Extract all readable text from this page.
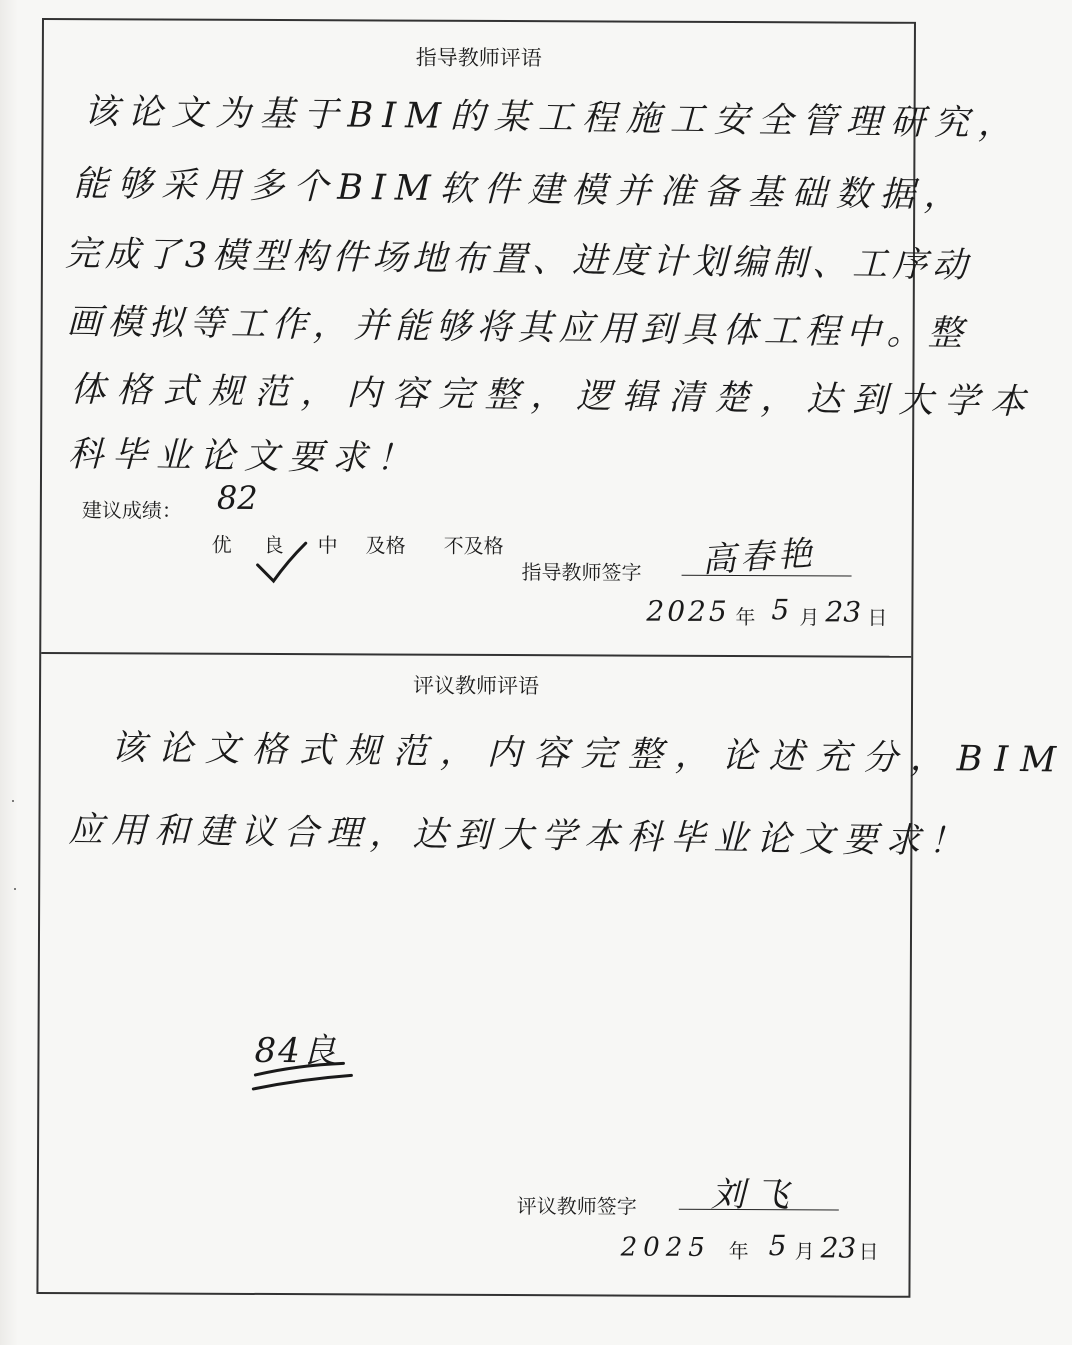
指导教师评语
该论文为基于BIM的某工程施工安全管理研究，
能够采用多个BIM软件建模并准备基础数据，
完成了3模型构件场地布置、进度计划编制、工序动
画模拟等工作，并能够将其应用到具体工程中。整
体格式规范，内容完整，逻辑清楚，达到大学本
科毕业论文要求！
建议成绩： 82
优 良 中 及格 不及格
指导教师签字 高春艳
2025 年 5 月 23 日
评议教师评语
该论文格式规范，内容完整，论述充分，BIM
应用和建议合理，达到大学本科毕业论文要求！
84良
评议教师签字 刘飞
2025 年 5 月 23 日
